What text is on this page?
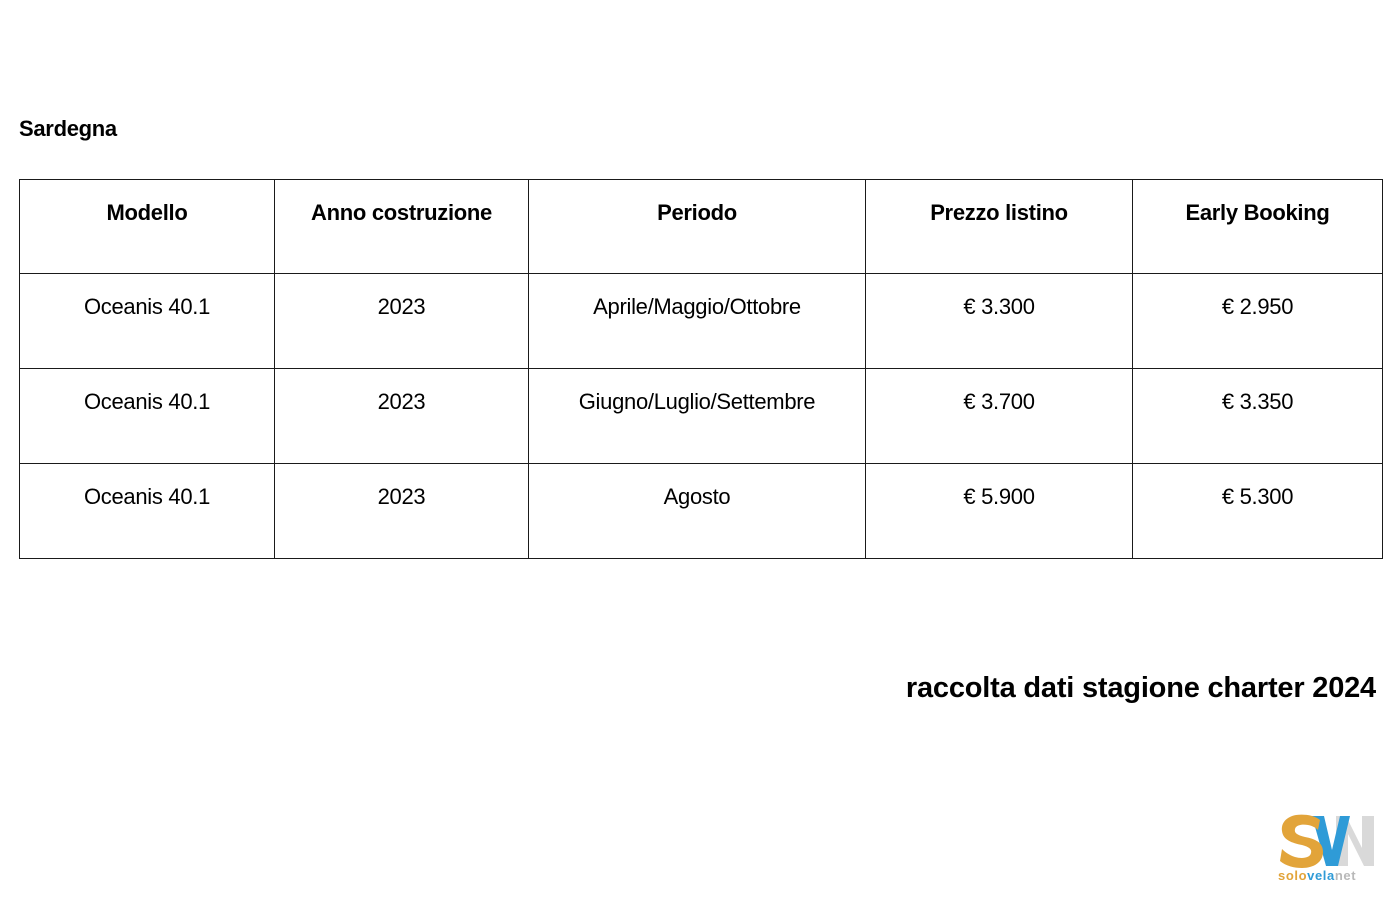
Sardegna
Modello	Anno costruzione	Periodo	Prezzo listino	Early Booking
Oceanis 40.1	2023	Aprile/Maggio/Ottobre	€ 3.300	€ 2.950
Oceanis 40.1	2023	Giugno/Luglio/Settembre	€ 3.700	€ 3.350
Oceanis 40.1	2023	Agosto	€ 5.900	€ 5.300
raccolta dati stagione charter 2024
solovelanet
